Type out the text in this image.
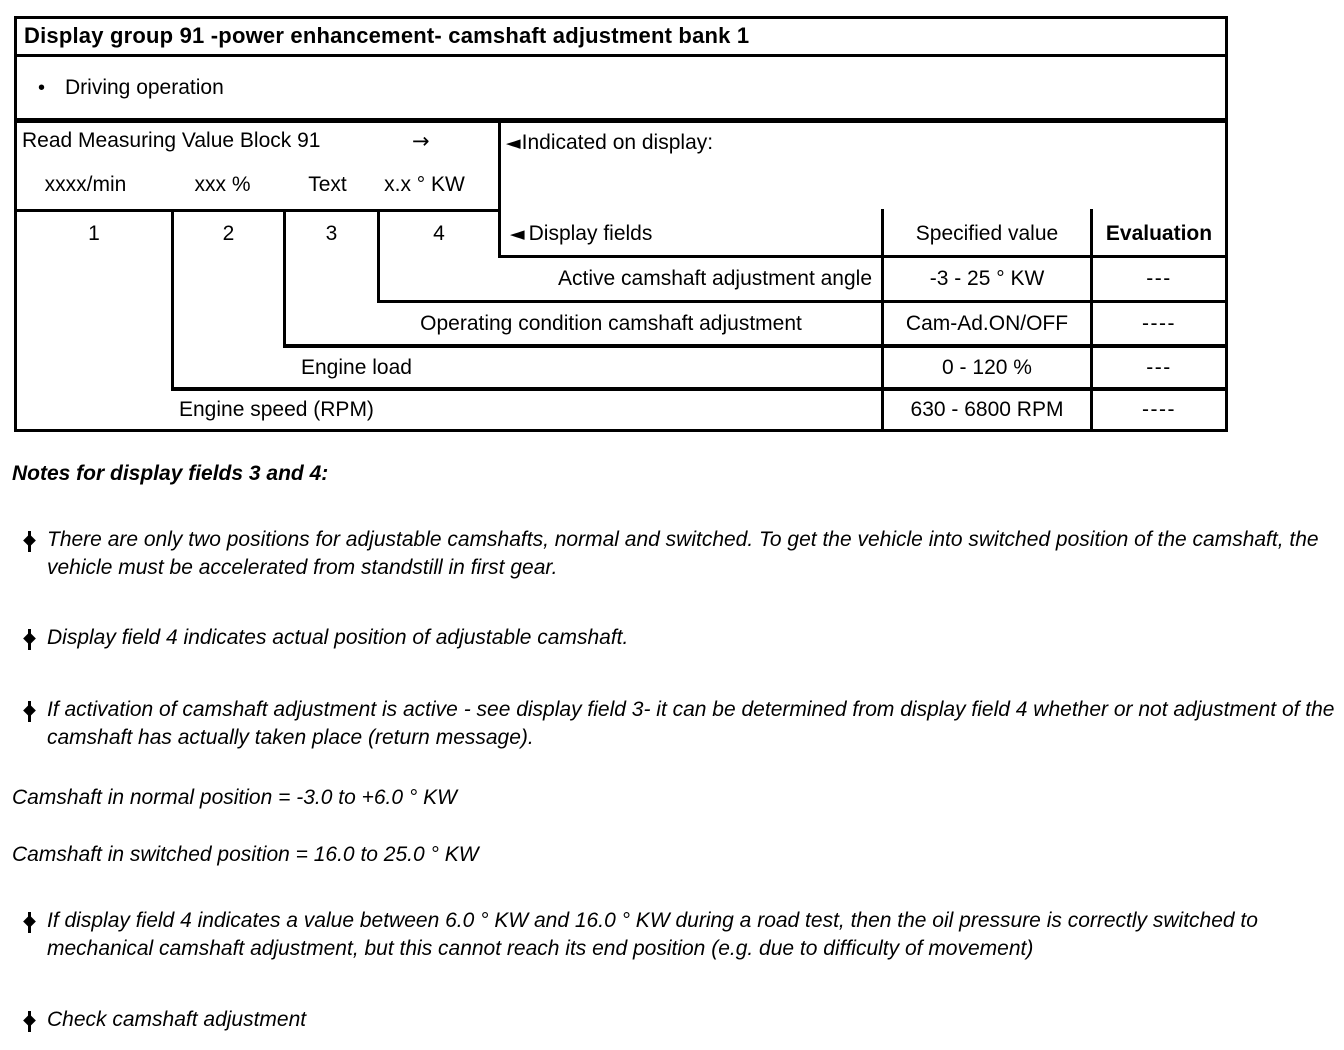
Display group 91 -power enhancement- camshaft adjustment bank 1
• Driving operation
Read Measuring Value Block 91	→
xxxx/min	xxx %	Text x.x ° KW
◄ Indicated on display:
1	2	3	4	◄ Display fields	Specified value Evaluation
Active camshaft adjustment angle	-3 - 25 ° KW	---
Operating condition camshaft adjustment	Cam-Ad.ON/OFF	----
Engine load	0 - 120 %	---
Engine speed (RPM)	630 - 6800 RPM	----
Notes for display fields 3 and 4:
There are only two positions for adjustable camshafts, normal and switched. To get the vehicle into switched position of the camshaft, the vehicle must be accelerated from standstill in first gear.
Display field 4 indicates actual position of adjustable camshaft.
If activation of camshaft adjustment is active - see display field 3- it can be determined from display field 4 whether or not adjustment of the camshaft has actually taken place (return message).
Camshaft in normal position = -3.0 to +6.0 ° KW
Camshaft in switched position = 16.0 to 25.0 ° KW
If display field 4 indicates a value between 6.0 ° KW and 16.0 ° KW during a road test, then the oil pressure is correctly switched to mechanical camshaft adjustment, but this cannot reach its end position (e.g. due to difficulty of movement)
Check camshaft adjustment
